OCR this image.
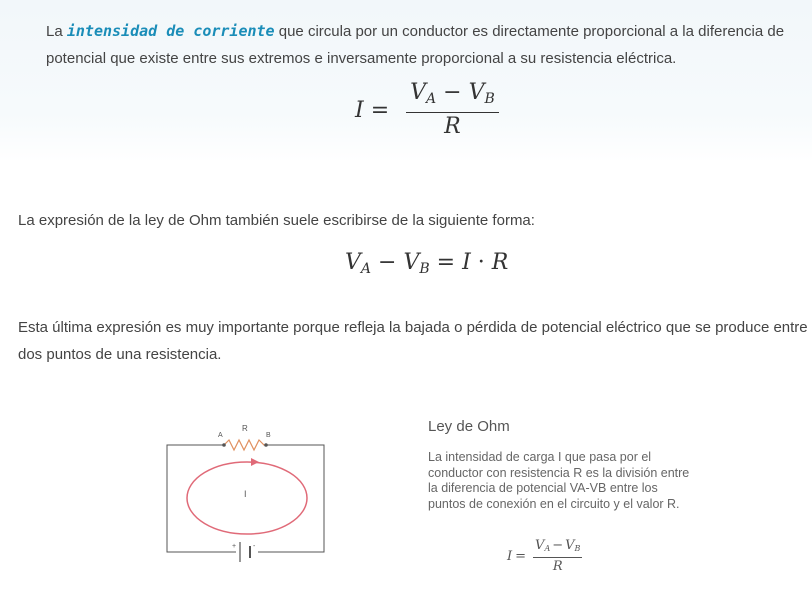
La intensidad de corriente que circula por un conductor es directamente proporcional a la diferencia de potencial que existe entre sus extremos e inversamente proporcional a su resistencia eléctrica.

$I = \frac{V_A - V_B}{R}$

La expresión de la ley de Ohm también suele escribirse de la siguiente forma:

$V_A - V_B = I \cdot R$

Esta última expresión es muy importante porque refleja la bajada o pérdida de potencial eléctrico que se produce entre dos puntos de una resistencia.

A
R
B
I
+ -

Ley de Ohm

La intensidad de carga I que pasa por el conductor con resistencia R es la división entre la diferencia de potencial VA-VB entre los puntos de conexión en el circuito y el valor R.

$I = \frac{V_A - V_B}{R}$
